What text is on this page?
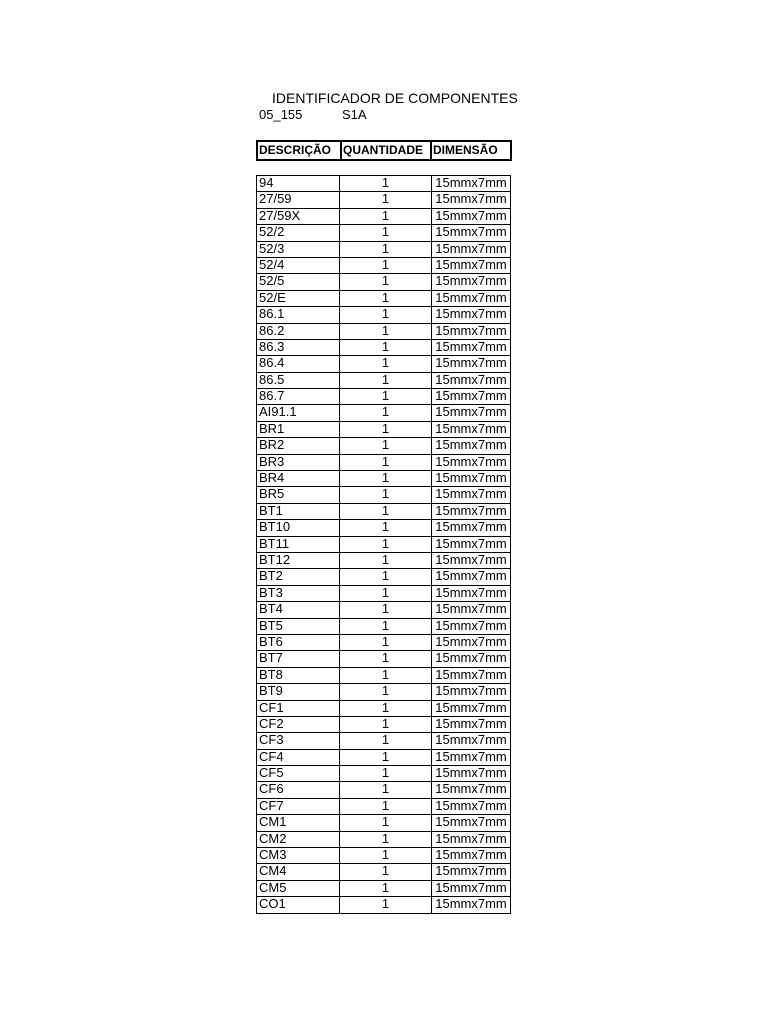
IDENTIFICADOR DE COMPONENTES
05_155	S1A
DESCRIÇÃO	QUANTIDADE	DIMENSÃO
94	1	15mmx7mm
27/59	1	15mmx7mm
27/59X	1	15mmx7mm
52/2	1	15mmx7mm
52/3	1	15mmx7mm
52/4	1	15mmx7mm
52/5	1	15mmx7mm
52/E	1	15mmx7mm
86.1	1	15mmx7mm
86.2	1	15mmx7mm
86.3	1	15mmx7mm
86.4	1	15mmx7mm
86.5	1	15mmx7mm
86.7	1	15mmx7mm
AI91.1	1	15mmx7mm
BR1	1	15mmx7mm
BR2	1	15mmx7mm
BR3	1	15mmx7mm
BR4	1	15mmx7mm
BR5	1	15mmx7mm
BT1	1	15mmx7mm
BT10	1	15mmx7mm
BT11	1	15mmx7mm
BT12	1	15mmx7mm
BT2	1	15mmx7mm
BT3	1	15mmx7mm
BT4	1	15mmx7mm
BT5	1	15mmx7mm
BT6	1	15mmx7mm
BT7	1	15mmx7mm
BT8	1	15mmx7mm
BT9	1	15mmx7mm
CF1	1	15mmx7mm
CF2	1	15mmx7mm
CF3	1	15mmx7mm
CF4	1	15mmx7mm
CF5	1	15mmx7mm
CF6	1	15mmx7mm
CF7	1	15mmx7mm
CM1	1	15mmx7mm
CM2	1	15mmx7mm
CM3	1	15mmx7mm
CM4	1	15mmx7mm
CM5	1	15mmx7mm
CO1	1	15mmx7mm
